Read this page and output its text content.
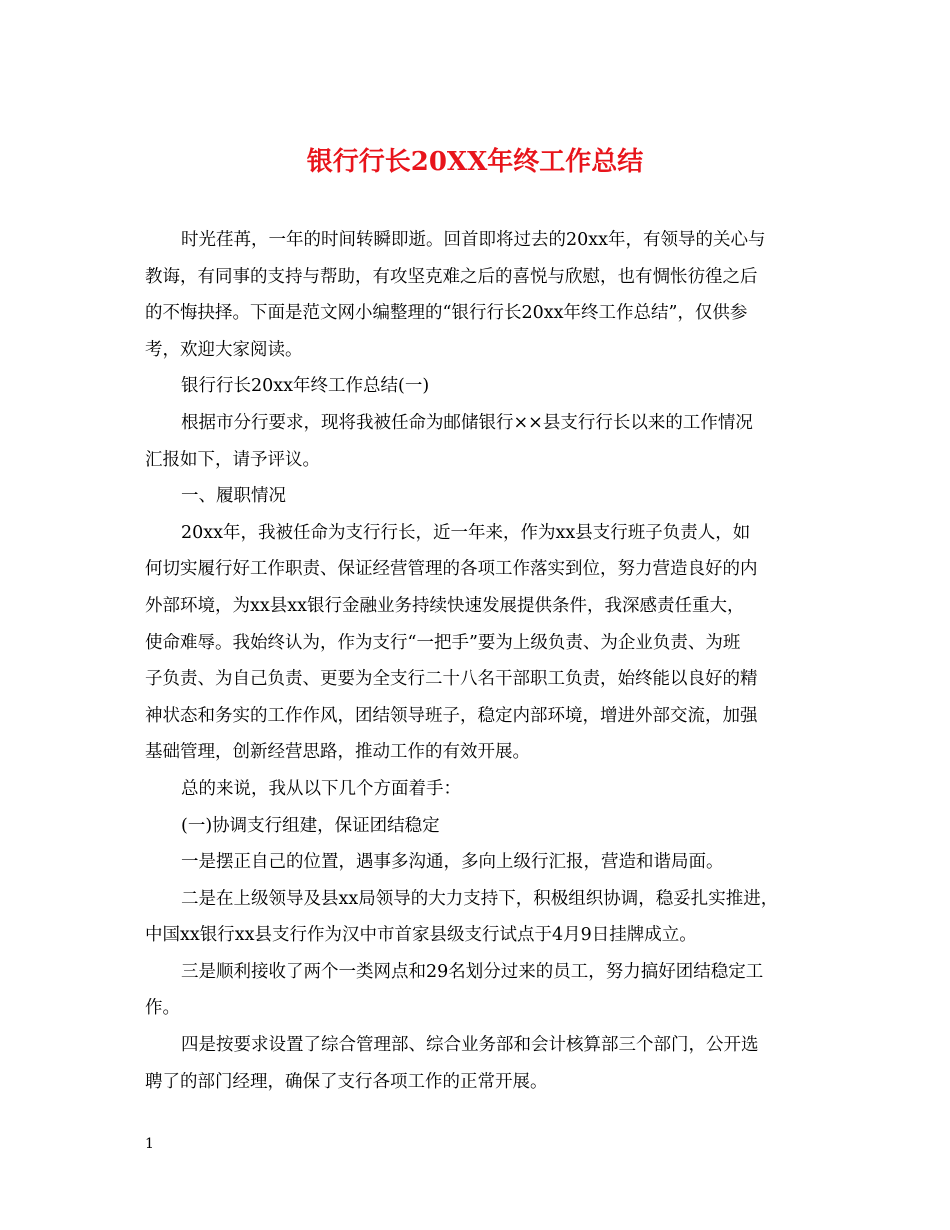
银行行长20XX年终工作总结
时光荏苒，一年的时间转瞬即逝。回首即将过去的20xx年，有领导的关心与
教诲，有同事的支持与帮助，有攻坚克难之后的喜悦与欣慰，也有惆怅彷徨之后
的不悔抉择。下面是范文网小编整理的“银行行长20xx年终工作总结”，仅供参
考，欢迎大家阅读。
银行行长20xx年终工作总结(一)
根据市分行要求，现将我被任命为邮储银行××县支行行长以来的工作情况
汇报如下，请予评议。
一、履职情况
20xx年，我被任命为支行行长，近一年来，作为xx县支行班子负责人，如
何切实履行好工作职责、保证经营管理的各项工作落实到位，努力营造良好的内
外部环境，为xx县xx银行金融业务持续快速发展提供条件，我深感责任重大，
使命难辱。我始终认为，作为支行“一把手”要为上级负责、为企业负责、为班
子负责、为自己负责、更要为全支行二十八名干部职工负责，始终能以良好的精
神状态和务实的工作作风，团结领导班子，稳定内部环境，增进外部交流，加强
基础管理，创新经营思路，推动工作的有效开展。
总的来说，我从以下几个方面着手：
(一)协调支行组建，保证团结稳定
一是摆正自己的位置，遇事多沟通，多向上级行汇报，营造和谐局面。
二是在上级领导及县xx局领导的大力支持下，积极组织协调，稳妥扎实推进，
中国xx银行xx县支行作为汉中市首家县级支行试点于4月9日挂牌成立。
三是顺利接收了两个一类网点和29名划分过来的员工，努力搞好团结稳定工
作。
四是按要求设置了综合管理部、综合业务部和会计核算部三个部门，公开选
聘了的部门经理，确保了支行各项工作的正常开展。
1
